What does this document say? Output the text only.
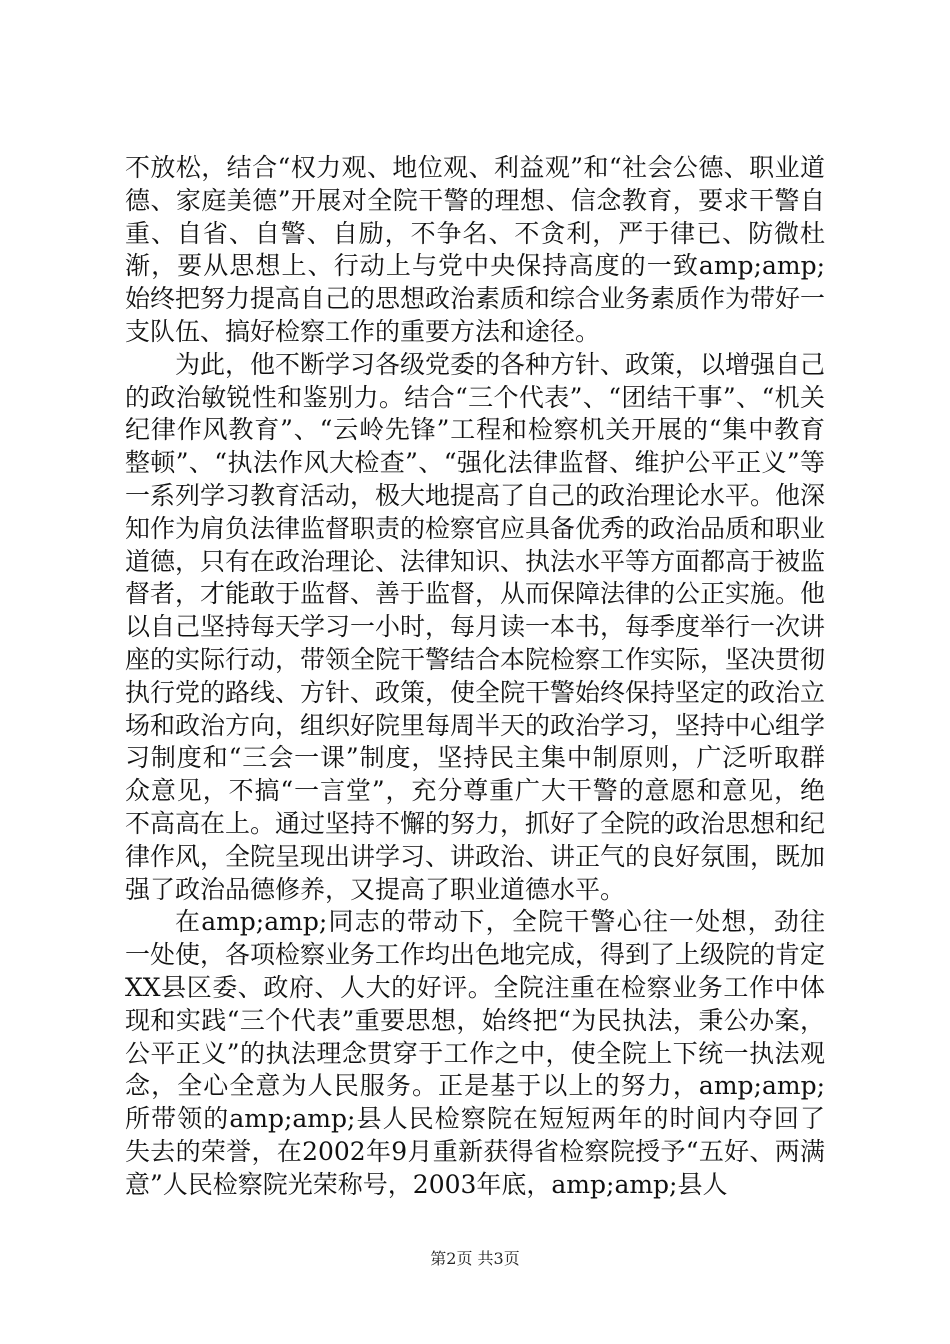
不放松，结合“权力观、地位观、利益观”和“社会公德、职业道德、家庭美德”开展对全院干警的理想、信念教育，要求干警自重、自省、自警、自励，不争名、不贪利，严于律已、防微杜渐，要从思想上、行动上与党中央保持高度的一致amp;amp;始终把努力提高自己的思想政治素质和综合业务素质作为带好一支队伍、搞好检察工作的重要方法和途径。

为此，他不断学习各级党委的各种方针、政策，以增强自己的政治敏锐性和鉴别力。结合“三个代表”、“团结干事”、“机关纪律作风教育”、“云岭先锋”工程和检察机关开展的“集中教育整顿”、“执法作风大检查”、“强化法律监督、维护公平正义”等一系列学习教育活动，极大地提高了自己的政治理论水平。他深知作为肩负法律监督职责的检察官应具备优秀的政治品质和职业道德，只有在政治理论、法律知识、执法水平等方面都高于被监督者，才能敢于监督、善于监督，从而保障法律的公正实施。他以自己坚持每天学习一小时，每月读一本书，每季度举行一次讲座的实际行动，带领全院干警结合本院检察工作实际，坚决贯彻执行党的路线、方针、政策，使全院干警始终保持坚定的政治立场和政治方向，组织好院里每周半天的政治学习，坚持中心组学习制度和“三会一课”制度，坚持民主集中制原则，广泛听取群众意见，不搞“一言堂”，充分尊重广大干警的意愿和意见，绝不高高在上。通过坚持不懈的努力，抓好了全院的政治思想和纪律作风，全院呈现出讲学习、讲政治、讲正气的良好氛围，既加强了政治品德修养，又提高了职业道德水平。

在amp;amp;同志的带动下，全院干警心往一处想，劲往一处使，各项检察业务工作均出色地完成，得到了上级院的肯定XX县区委、政府、人大的好评。全院注重在检察业务工作中体现和实践“三个代表”重要思想，始终把“为民执法，秉公办案，公平正义”的执法理念贯穿于工作之中，使全院上下统一执法观念，全心全意为人民服务。正是基于以上的努力，amp;amp;所带领的amp;amp;县人民检察院在短短两年的时间内夺回了失去的荣誉，在2002年9月重新获得省检察院授予“五好、两满意”人民检察院光荣称号，2003年底，amp;amp;县人

第2页 共3页
